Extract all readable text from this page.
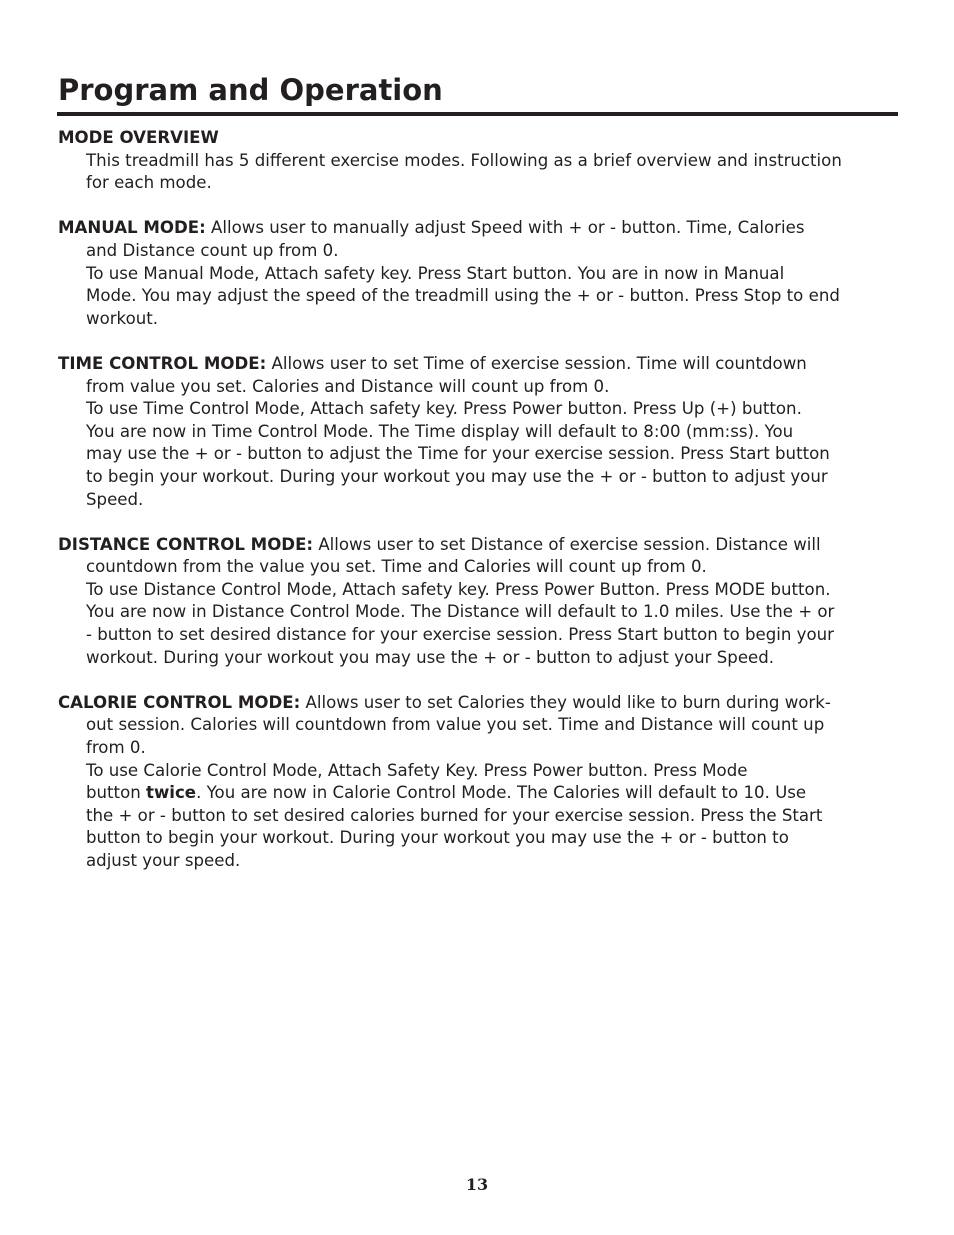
Program and Operation
MODE OVERVIEW
This treadmill has 5 different exercise modes. Following as a brief overview and instruction
for each mode.
MANUAL MODE: Allows user to manually adjust Speed with + or - button. Time, Calories
and Distance count up from 0.
To use Manual Mode, Attach safety key. Press Start button. You are in now in Manual
Mode. You may adjust the speed of the treadmill using the + or - button. Press Stop to end
workout.
TIME CONTROL MODE: Allows user to set Time of exercise session. Time will countdown
from value you set. Calories and Distance will count up from 0.
To use Time Control Mode, Attach safety key. Press Power button. Press Up (+) button.
You are now in Time Control Mode. The Time display will default to 8:00 (mm:ss). You
may use the + or - button to adjust the Time for your exercise session. Press Start button
to begin your workout. During your workout you may use the + or - button to adjust your
Speed.
DISTANCE CONTROL MODE: Allows user to set Distance of exercise session. Distance will
countdown from the value you set. Time and Calories will count up from 0.
To use Distance Control Mode, Attach safety key. Press Power Button. Press MODE button.
You are now in Distance Control Mode. The Distance will default to 1.0 miles. Use the + or
- button to set desired distance for your exercise session. Press Start button to begin your
workout. During your workout you may use the + or - button to adjust your Speed.
CALORIE CONTROL MODE: Allows user to set Calories they would like to burn during work-
out session. Calories will countdown from value you set. Time and Distance will count up
from 0.
To use Calorie Control Mode, Attach Safety Key. Press Power button. Press Mode
button twice. You are now in Calorie Control Mode. The Calories will default to 10. Use
the + or - button to set desired calories burned for your exercise session. Press the Start
button to begin your workout. During your workout you may use the + or - button to
adjust your speed.
13
